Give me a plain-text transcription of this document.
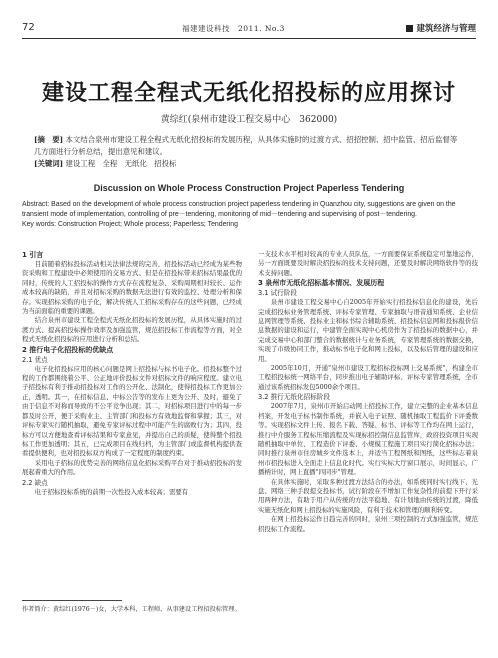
72	福建建设科技　2011. No.3	建筑经济与管理
建设工程全程式无纸化招投标的应用探讨
黄综红(泉州市建设工程交易中心　362000)
[摘　要] 本文结合泉州市建设工程全程式无纸化招投标的发展历程，从具体实施时的过渡方式、招招控制、招中监管、招后监督等几方面进行分析总结，提出意见和建议。
[关键词] 建设工程　全程　无纸化　招投标
Discussion on Whole Process Construction Project Paperless Tendering
Abstract: Based on the development of whole process construction project paperless tendering in Quanzhou city, suggestions are given on the transient mode of implementation, controlling of pre－tendering, monitoring of mid－tendering and supervising of post－tendering.
Key words: Construction Project; Whole process; Paperless; Tendering
1 引言

目前随着招标投标活动相关法律法规的完善，招投标活动已经成为某些物资采购和工程建设中必须使用的交易方式。但是在招投标带来招标结果最优的同时，传统的人工招投标的操作方式存在流程复杂、采购周期相对较长、运作成本较高的缺陷，并且对招标采购的数据无法进行有效的监控、处理分析和保存。实现招标采购的电子化，解决传统人工招标采购存在的这些问题，已经成为当前面临的重要的课题。

结合泉州市建设工程全程式无纸化招投标的发展历程，从具体实施时的过渡方式、提高招投标操作效率及加强监管，规范招投标工作流程等方面，对全程式无纸化招投标的应用进行分析和总结。

2 推行电子化招投标的优缺点
2.1 优点

电子化招投标应用的核心问题是网上招投标与标书电子化。招投标整个过程的工作都围绕着公平、公正地评价投标文件对招标文件的响应程度。建立电子招投标有利于推动招投标对工作的公开化、法制化，使得招投标工作更加公正，透明。其一，在招标信息、中标公告等的发布上更为公开、及时，避免了由于信息不对称而导致的不公平竞争出现；其二，对招标项目进行中的每一步都及时公开，便于采购业主、主管部门和投标方有效地监督和掌握；其三，对评标专家实行随机抽取，避免专家评标过程中可能产生的腐败行为；其四，投标方可以方便地查看评标结果和专家意见，并提出自己的质疑，使得整个招投标工作更加透明；其五，已完成项目在线归档，为主管部门或监督机构提供查看提供便利，也对招投标双方构成了一定程度的制度约束。

采用电子招标的优势完善的网络信息化招标采购平台对于推动招投标的发展起着重大的作用。

2.2 缺点

电子招标投标系统的前期一次性投入成本较高；需要有

一支技术水平相对较高的专业人员队伍，一方面要保证系统稳定可靠地运作，另一方面既要及时解决招投标的技术支持问题，还要及时解决网络软件等的技术支持问题。

3 泉州市无纸化招标基本情况、发展历程
3.1 试行阶段

泉州市建设工程交易中心自2005年开始实行招投标信息化的建设，先后完成招投标业务管理系统、评标专家管理、专家抽取与语音通知系统、企业信息网管理等系统、投标业主和标书综合辅助系统、招投标信息网和投标报价信息数据的建设和运行，中建管全面实现中心机房作为了招投标的数据中心，并完成交易中心和部门整合的数据统计与业务系统，专家管理系统的数据交换，实现了市级协同工作，推动标书电子化和网上投标，以及标后管理的建设和应用。

2005年10月，开通"泉州市建设工程招标投标网上交易系统"，构建全市工程招投标统一网络平台，同步推出电子辅助评标、评标专家管理系统，全市通过该系统招标发包5000余个项目。

3.2 推行无纸化招标阶段

2007年7月，泉州市开始启动网上招投标工作，建立完整的企业基本信息档案，开发电子标书制作系统，并嵌入电子证照、随机抽取工程监价下评委数等。实现招标文件上传、报名下载、答疑、标书、评标等工作均在网上运行，推行中介服务工程标压缩流程及实现标招控制信息监管库，政府投资项目实现随机抽取中单位、工程造价下评委、小规模工程施工项目实行简化招标办法；同时推行泉州市住房城乡文件选本上，并适当工程图纸和图纸，这些标志着泉州市招投标进入全面走上信息化时代。实行实标大厅窗口展示，时间显示，广播柄计时，网上直播"四同步"管理。

在具体实施时，采取多种过渡方法结合的办法，如系统同时实行线下、光盘、网络三种手段提交投标书，试行阶段在不增加工作复杂性的前提下开行采用两种方法，有助于用户从传统的方法平稳地、有计划地由传统的过渡，降低实施无纸化和网上招投标的实施风险，有利于技术和管理的顺利转变。

在网上招投标运作日趋完善的同时，泉州三项控制的方式加强监管，规范招投标工作流程。

作者简介：黄综红(1976－)女，大学本科，工程师，从事建设工程招投标管理。
